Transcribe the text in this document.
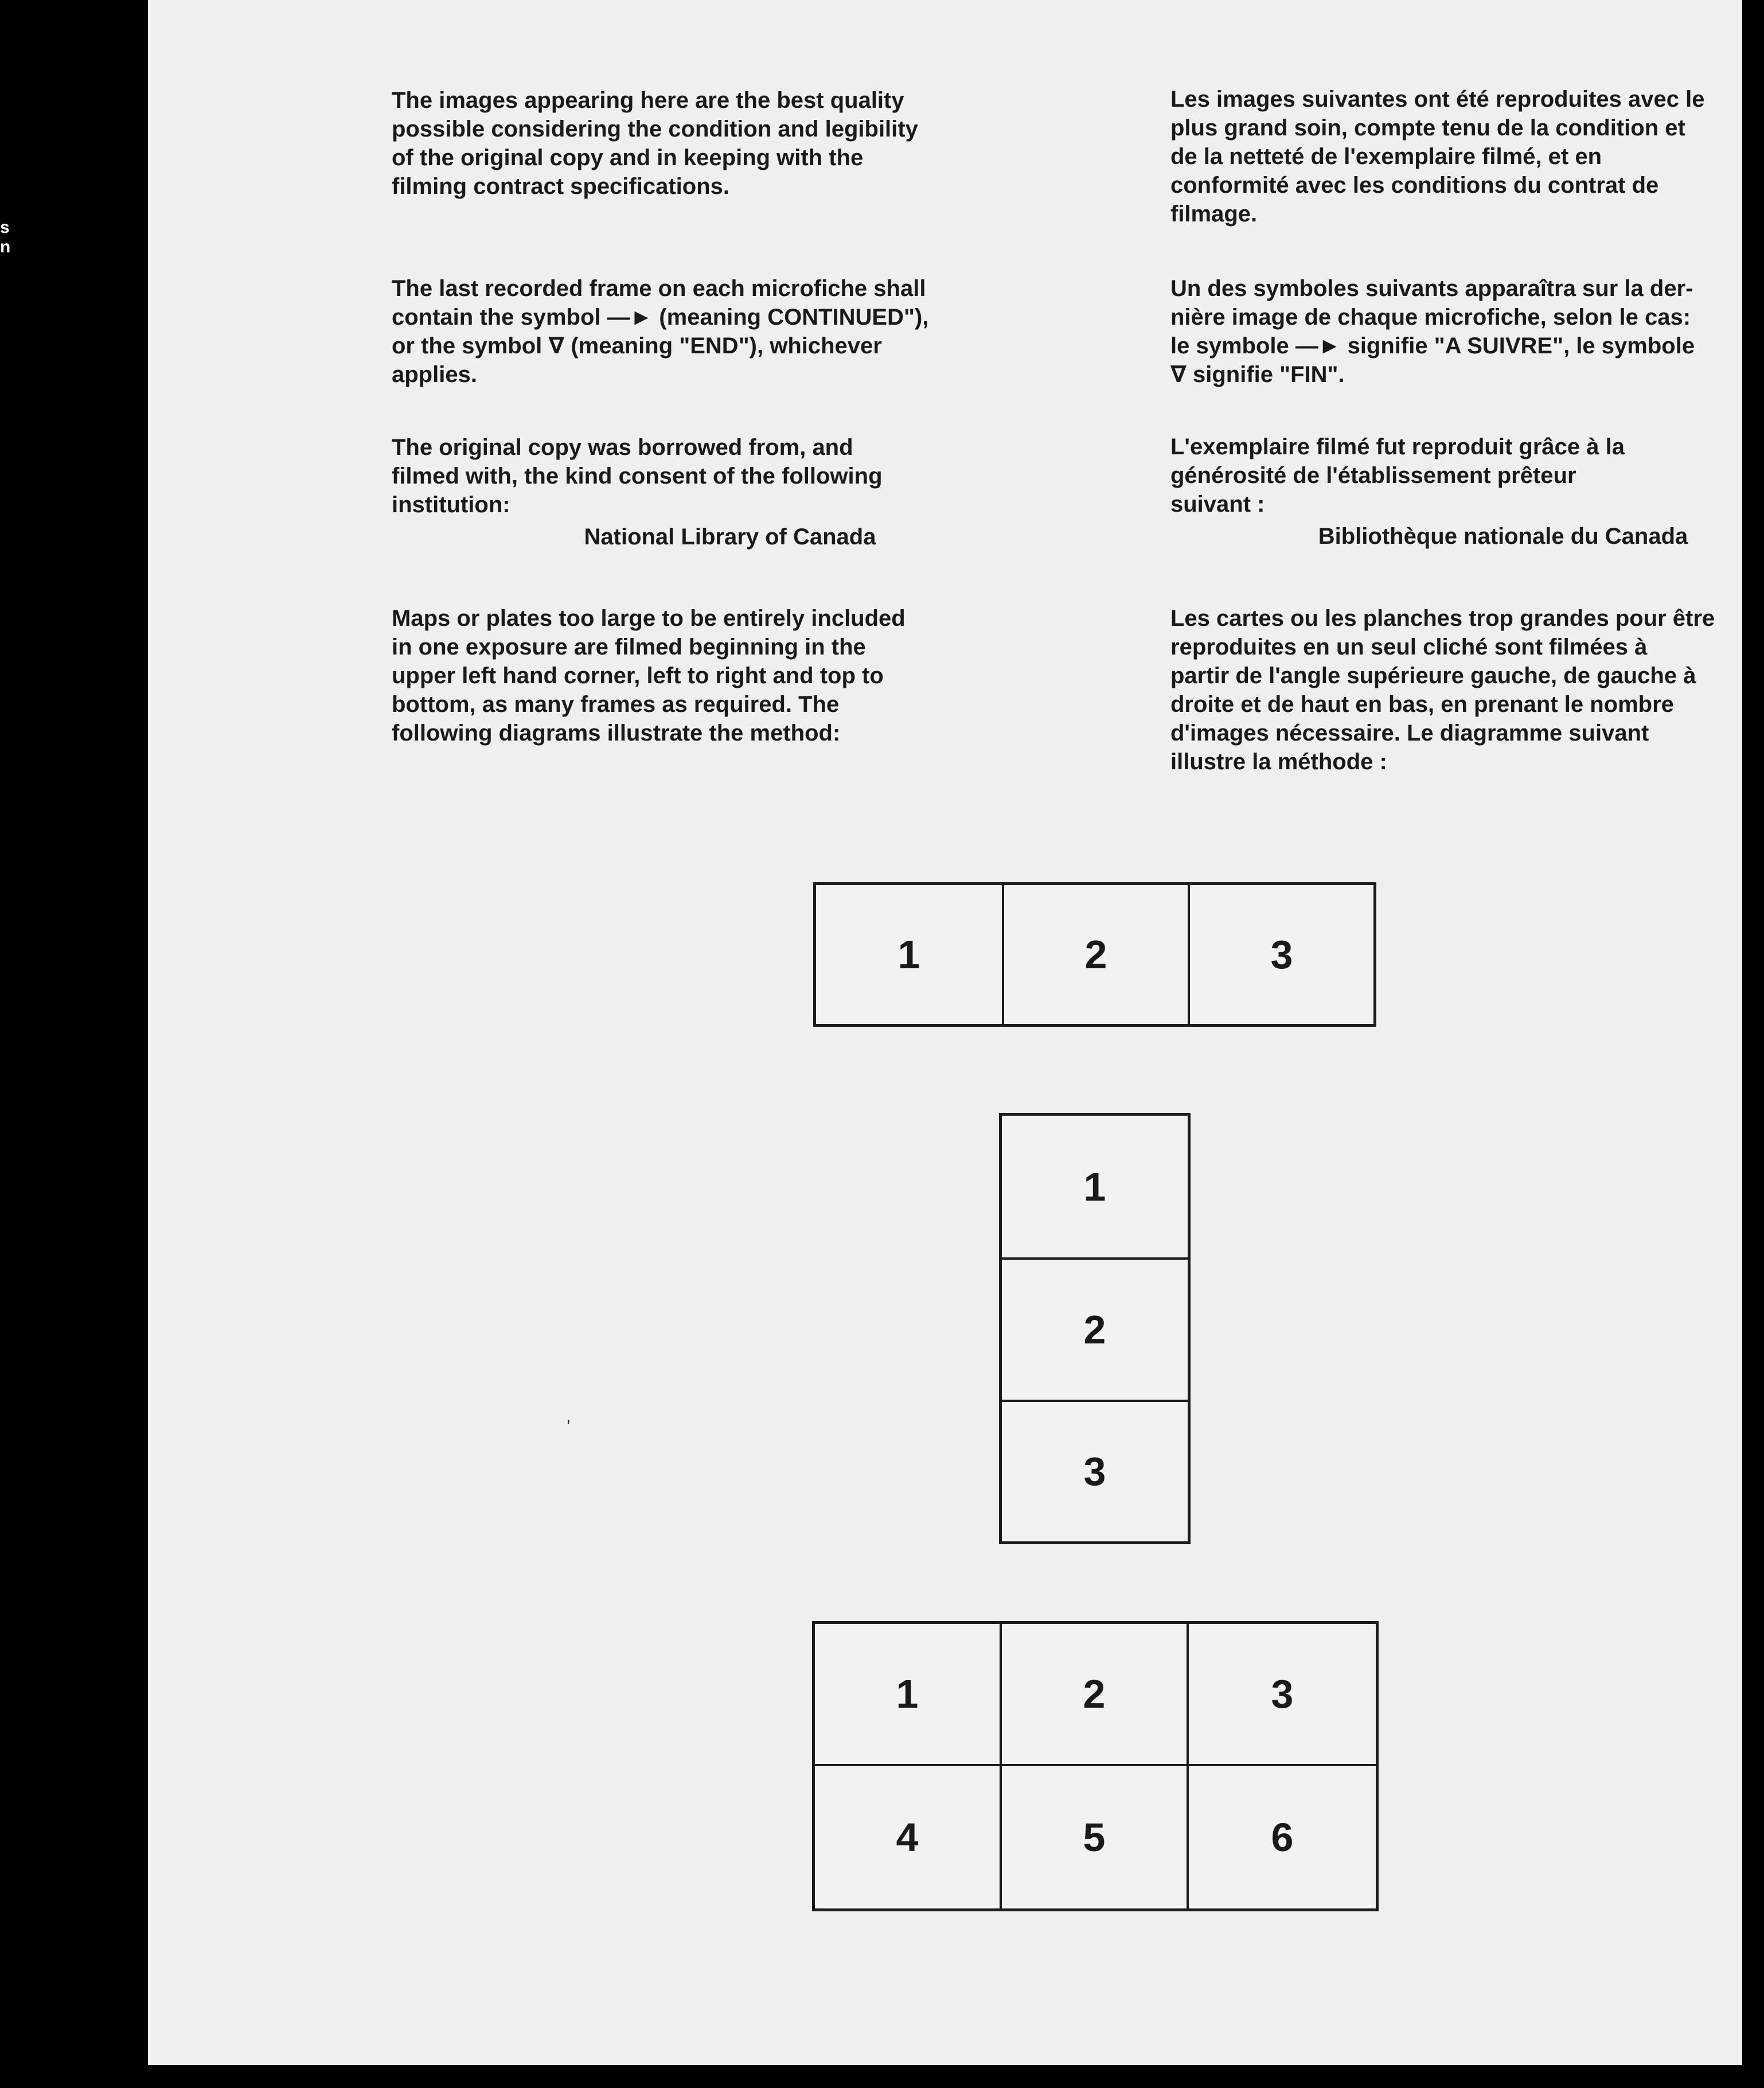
s
n

The images appearing here are the best quality

possible considering the condition and legibility

of the original copy and in keeping with the

filming contract specifications.

The last recorded frame on each microfiche shall

contain the symbol —► (meaning CONTINUED"),

or the symbol ∇ (meaning "END"), whichever

applies.

The original copy was borrowed from, and

filmed with, the kind consent of the following

institution:

National Library of Canada

Maps or plates too large to be entirely included

in one exposure are filmed beginning in the

upper left hand corner, left to right and top to

bottom, as many frames as required. The

following diagrams illustrate the method:

Les images suivantes ont été reproduites avec le

plus grand soin, compte tenu de la condition et

de la netteté de l'exemplaire filmé, et en

conformité avec les conditions du contrat de

filmage.

Un des symboles suivants apparaîtra sur la der-

nière image de chaque microfiche, selon le cas:

le symbole —► signifie "A SUIVRE", le symbole

∇ signifie "FIN".

L'exemplaire filmé fut reproduit grâce à la

générosité de l'établissement prêteur

suivant :

Bibliothèque nationale du Canada

Les cartes ou les planches trop grandes pour être

reproduites en un seul cliché sont filmées à

partir de l'angle supérieure gauche, de gauche à

droite et de haut en bas, en prenant le nombre

d'images nécessaire. Le diagramme suivant

illustre la méthode :

1	2	3
1
2
3
1	2	3
4	5	6
’
